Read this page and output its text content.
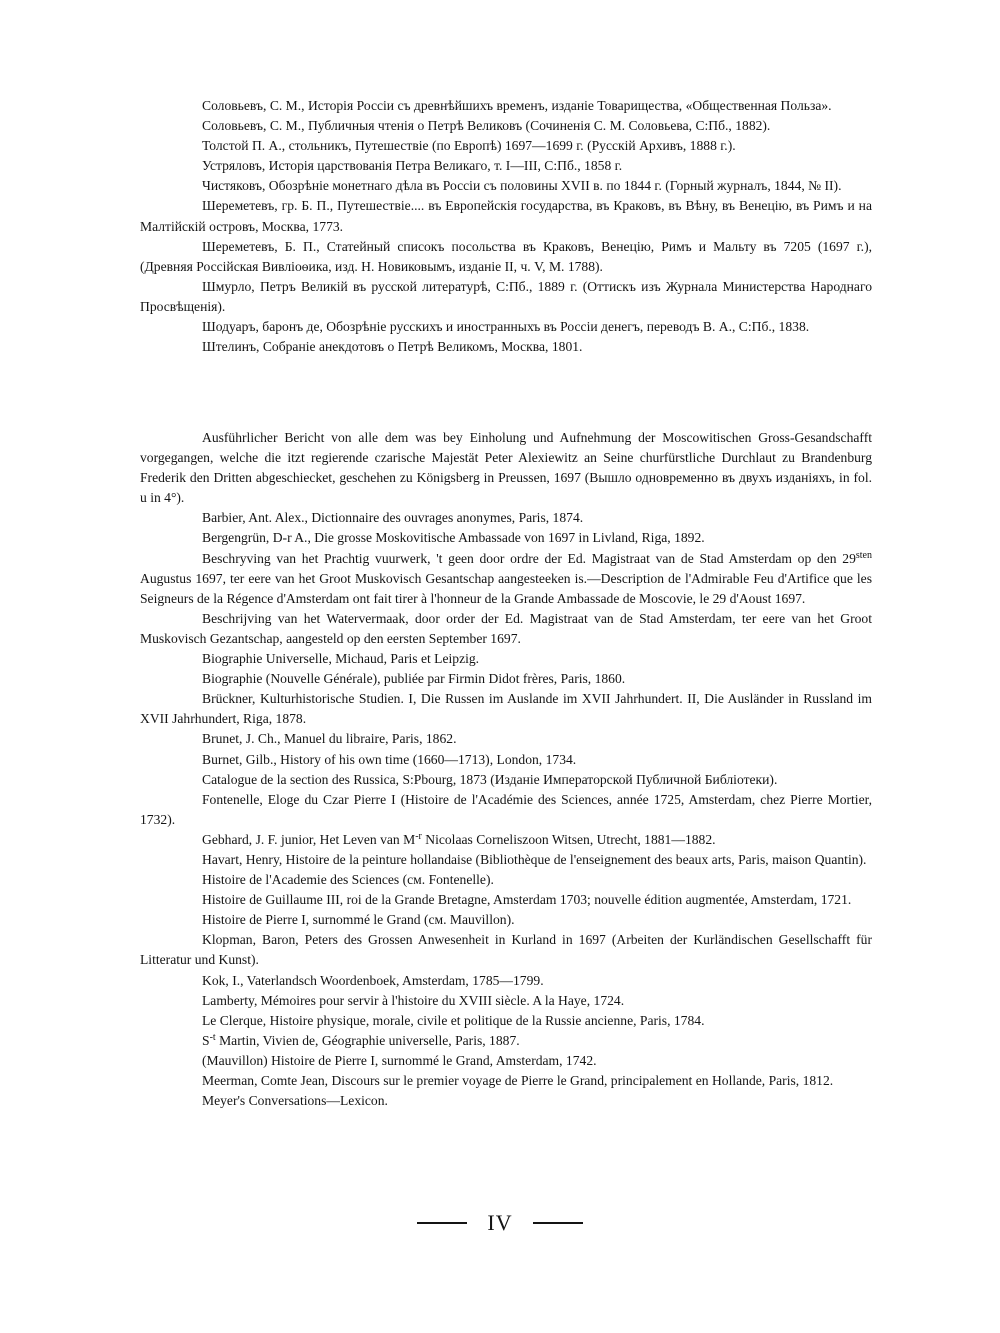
Соловьевъ, С. М., Исторія Россіи съ древнѣйшихъ временъ, изданіе Товарищества, «Общественная Польза».

Соловьевъ, С. М., Публичныя чтенія о Петрѣ Великовъ (Сочиненія С. М. Соловьева, С:Пб., 1882).

Толстой П. А., стольникъ, Путешествіе (по Европѣ) 1697—1699 г. (Русскій Архивъ, 1888 г.).

Устряловъ, Исторія царствованія Петра Великаго, т. I—III, С:Пб., 1858 г.

Чистяковъ, Обозрѣніе монетнаго дѣла въ Россіи съ половины XVII в. по 1844 г. (Горный журналъ, 1844, № II).

Шереметевъ, гр. Б. П., Путешествіе.... въ Европейскія государства, въ Краковъ, въ Вѣну, въ Венецію, въ Римъ и на Малтійскій островъ, Москва, 1773.

Шереметевъ, Б. П., Статейный списокъ посольства въ Краковъ, Венецію, Римъ и Мальту въ 7205 (1697 г.), (Древняя Россійская Вивліоѳика, изд. Н. Новиковымъ, изданіе II, ч. V, М. 1788).

Шмурло, Петръ Великій въ русской литературѣ, С:Пб., 1889 г. (Оттискъ изъ Журнала Министерства Народнаго Просвѣщенія).

Шодуаръ, баронъ де, Обозрѣніе русскихъ и иностранныхъ въ Россіи денегъ, переводъ В. А., С:Пб., 1838.

Штелинъ, Собраніе анекдотовъ о Петрѣ Великомъ, Москва, 1801.

Ausführlicher Bericht von alle dem was bey Einholung und Aufnehmung der Moscowitischen Gross-Gesandschafft vorgegangen, welche die itzt regierende czarische Majestät Peter Alexiewitz an Seine churfürstliche Durchlaut zu Brandenburg Frederik den Dritten abgeschiecket, geschehen zu Königsberg in Preussen, 1697 (Вышло одновременно въ двухъ изданіяхъ, in fol. u in 4°).

Barbier, Ant. Alex., Dictionnaire des ouvrages anonymes, Paris, 1874.

Bergengrün, D-r A., Die grosse Moskovitische Ambassade von 1697 in Livland, Riga, 1892.

Beschryving van het Prachtig vuurwerk, 't geen door ordre der Ed. Magistraat van de Stad Amsterdam op den $29^{sten}$ Augustus 1697, ter eere van het Groot Muskovisch Gesantschap aangesteeken is.—Description de l'Admirable Feu d'Artifice que les Seigneurs de la Régence d'Amsterdam ont fait tirer à l'honneur de la Grande Ambassade de Moscovie, le 29 d'Aoust 1697.

Beschrijving van het Watervermaak, door order der Ed. Magistraat van de Stad Amsterdam, ter eere van het Groot Muskovisch Gezantschap, aangesteld op den eersten September 1697.

Biographie Universelle, Michaud, Paris et Leipzig.

Biographie (Nouvelle Générale), publiée par Firmin Didot frères, Paris, 1860.

Brückner, Kulturhistorische Studien. I, Die Russen im Auslande im XVII Jahrhundert. II, Die Ausländer in Russland im XVII Jahrhundert, Riga, 1878.

Brunet, J. Ch., Manuel du libraire, Paris, 1862.

Burnet, Gilb., History of his own time (1660—1713), London, 1734.

Catalogue de la section des Russica, S:Pbourg, 1873 (Изданіе Императорской Публичной Библіотеки).

Fontenelle, Eloge du Czar Pierre I (Histoire de l'Académie des Sciences, année 1725, Amsterdam, chez Pierre Mortier, 1732).

Gebhard, J. F. junior, Het Leven van $M^{-r}$ Nicolaas Corneliszoon Witsen, Utrecht, 1881—1882.

Havart, Henry, Histoire de la peinture hollandaise (Bibliothèque de l'enseignement des beaux arts, Paris, maison Quantin).

Histoire de l'Academie des Sciences (см. Fontenelle).

Histoire de Guillaume III, roi de la Grande Bretagne, Amsterdam 1703; nouvelle édition augmentée, Amsterdam, 1721.

Histoire de Pierre I, surnommé le Grand (см. Mauvillon).

Klopman, Baron, Peters des Grossen Anwesenheit in Kurland in 1697 (Arbeiten der Kurländischen Gesellschafft für Litteratur und Kunst).

Kok, I., Vaterlandsch Woordenboek, Amsterdam, 1785—1799.

Lamberty, Mémoires pour servir à l'histoire du XVIII siècle. A la Haye, 1724.

Le Clerque, Histoire physique, morale, civile et politique de la Russie ancienne, Paris, 1784.

$S^{-t}$ Martin, Vivien de, Géographie universelle, Paris, 1887.

(Mauvillon) Histoire de Pierre I, surnommé le Grand, Amsterdam, 1742.

Meerman, Comte Jean, Discours sur le premier voyage de Pierre le Grand, principalement en Hollande, Paris, 1812.

Meyer's Conversations—Lexicon.

IV
